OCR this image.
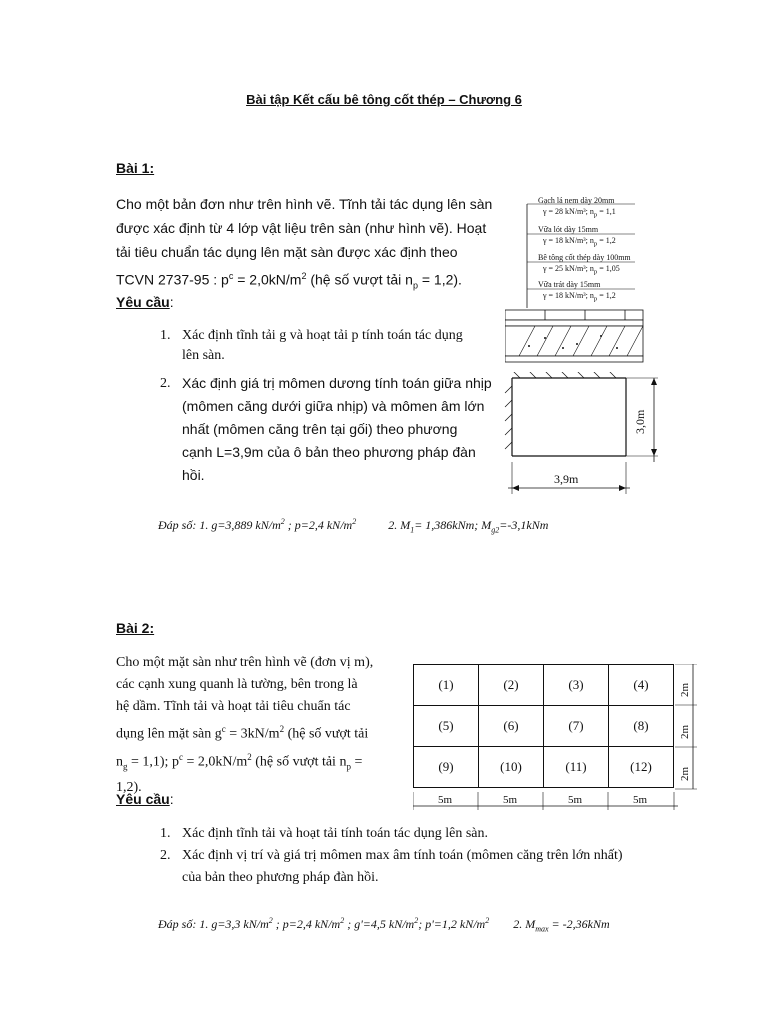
Bài tập Kết cấu bê tông cốt thép – Chương 6
Bài 1:
Cho một bản đơn như trên hình vẽ. Tĩnh tải tác dụng lên sàn
được xác định từ 4 lớp vật liệu trên sàn (như hình vẽ). Hoạt
tải tiêu chuẩn tác dụng lên mặt sàn được xác định theo
TCVN 2737-95 : $p^c = 2,0kN/m^2$ (hệ số vượt tải $n_p = 1,2$).
Yêu cầu:
1. Xác định tĩnh tải g và hoạt tải p tính toán tác dụng
lên sàn.
2. Xác định giá trị mômen dương tính toán giữa nhịp
(mômen căng dưới giữa nhịp) và mômen âm lớn
nhất (mômen căng trên tại gối) theo phương
cạnh L=3,9m của ô bản theo phương pháp đàn
hồi.
Đáp số: 1. g=3,889 $kN/m^2$ ; p=2,4 $kN/m^2$	2. $M_1= 1,386kNm$; $M_{g2}=-3,1kNm$
Gạch lá nem dày 20mm
γ = 28 kN/m³; $n_p = 1,1$
Vữa lót dày 15mm
γ = 18 kN/m³; $n_p = 1,2$
Bê tông cốt thép dày 100mm
γ = 25 kN/m³; $n_p = 1,05$
Vữa trát dày 15mm
γ = 18 kN/m³; $n_p = 1,2$
3,0m
3,9m
Bài 2:
Cho một mặt sàn như trên hình vẽ (đơn vị m),
các cạnh xung quanh là tường, bên trong là
hệ dầm. Tĩnh tải và hoạt tải tiêu chuẩn tác
dụng lên mặt sàn $g^c = 3kN/m^2$ (hệ số vượt tải
$n_g = 1,1$); $p^c = 2,0kN/m^2$ (hệ số vượt tải $n_p$ =
1,2).
Yêu cầu:
1. Xác định tĩnh tải và hoạt tải tính toán tác dụng lên sàn.
2. Xác định vị trí và giá trị mômen max âm tính toán (mômen căng trên lớn nhất)
của bản theo phương pháp đàn hồi.
(1)	(2)	(3)	(4)
(5)	(6)	(7)	(8)
(9)	(10)	(11)	(12)
2m
2m
2m
5m	5m	5m	5m
Đáp số: 1. g=3,3 $kN/m^2$ ; p=2,4 $kN/m^2$ ; g'=4,5 $kN/m^2$; p'=1,2 $kN/m^2$ 2. $M_{max} = -2,36kNm$
